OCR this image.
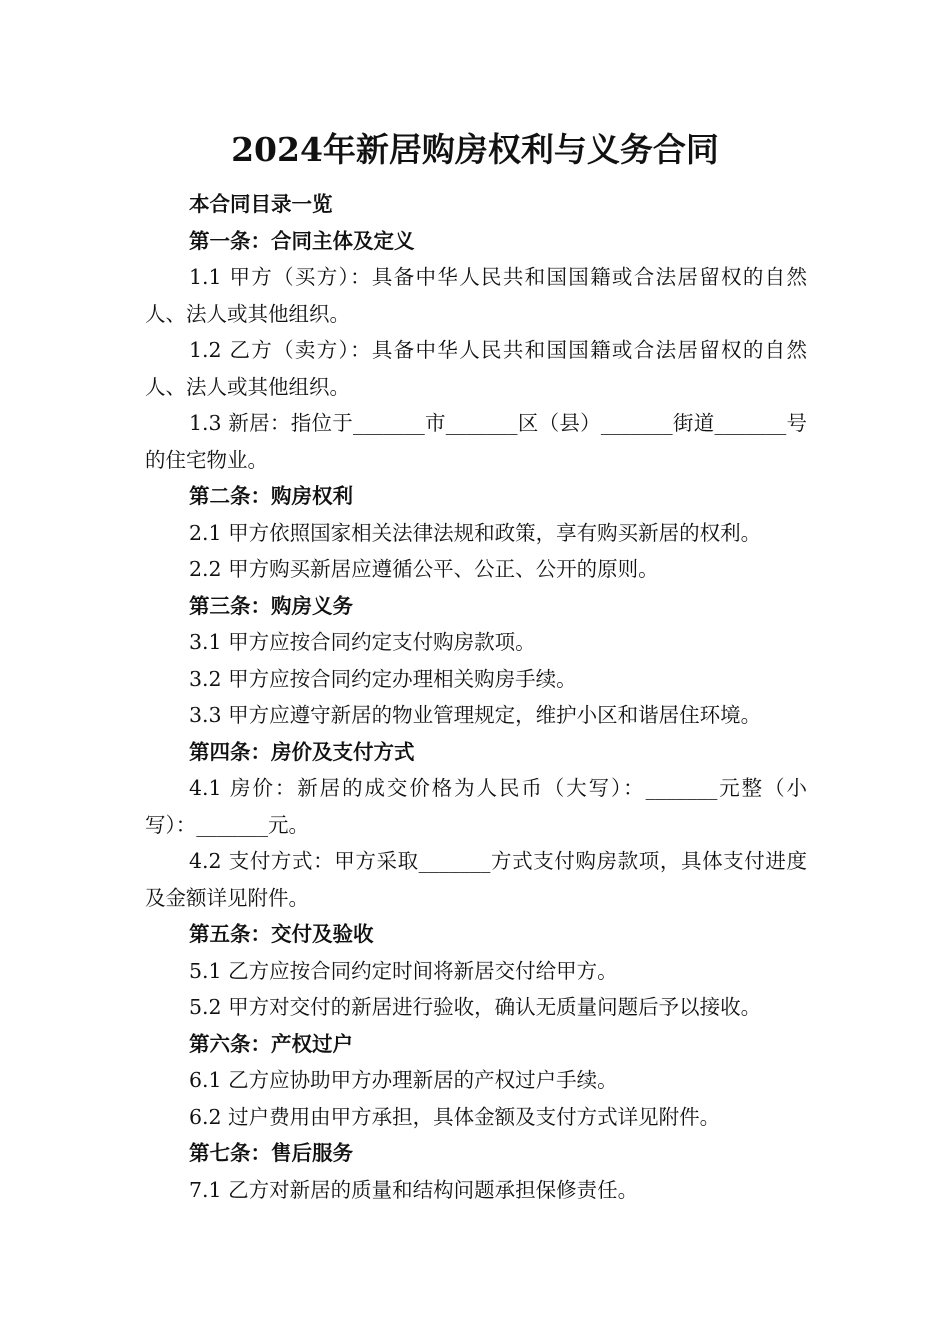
2024年新居购房权利与义务合同

本合同目录一览

第一条：合同主体及定义

1.1 甲方（买方）：具备中华人民共和国国籍或合法居留权的自然人、法人或其他组织。

1.2 乙方（卖方）：具备中华人民共和国国籍或合法居留权的自然人、法人或其他组织。

1.3 新居：指位于_______市_______区（县）_______街道_______号的住宅物业。

第二条：购房权利

2.1 甲方依照国家相关法律法规和政策，享有购买新居的权利。

2.2 甲方购买新居应遵循公平、公正、公开的原则。

第三条：购房义务

3.1 甲方应按合同约定支付购房款项。

3.2 甲方应按合同约定办理相关购房手续。

3.3 甲方应遵守新居的物业管理规定，维护小区和谐居住环境。

第四条：房价及支付方式

4.1 房价：新居的成交价格为人民币（大写）：_______元整（小写）：_______元。

4.2 支付方式：甲方采取_______方式支付购房款项，具体支付进度及金额详见附件。

第五条：交付及验收

5.1 乙方应按合同约定时间将新居交付给甲方。

5.2 甲方对交付的新居进行验收，确认无质量问题后予以接收。

第六条：产权过户

6.1 乙方应协助甲方办理新居的产权过户手续。

6.2 过户费用由甲方承担，具体金额及支付方式详见附件。

第七条：售后服务

7.1 乙方对新居的质量和结构问题承担保修责任。
